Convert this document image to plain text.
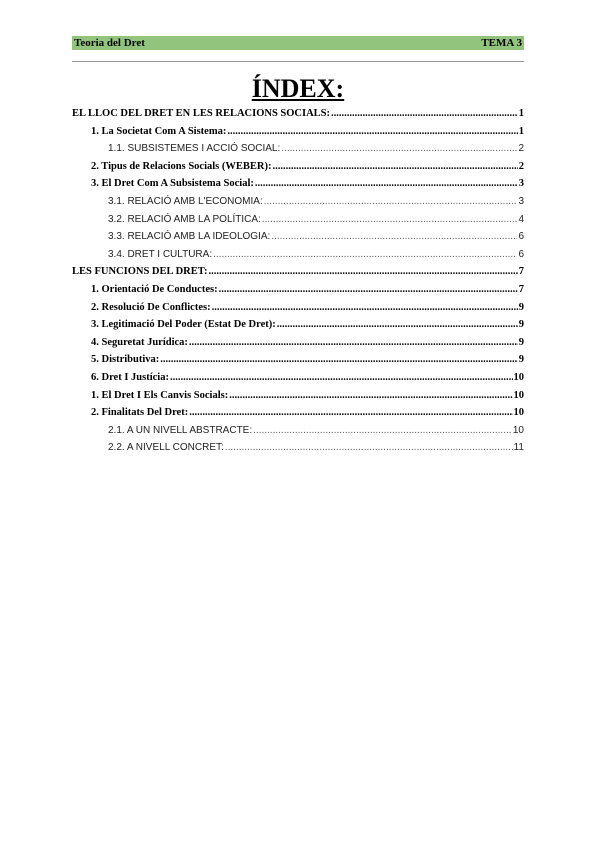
Teoria del Dret	TEMA 3
ÍNDEX:
EL LLOC DEL DRET EN LES RELACIONS SOCIALS: .....	1
1. La Societat Com A Sistema: .....	1
1.1. SUBSISTEMES I ACCIÓ SOCIAL: .....	2
2. Tipus de Relacions Socials (WEBER): .....	2
3. El Dret Com A Subsistema Social: .....	3
3.1. RELACIÓ AMB L'ECONOMIA: .....	3
3.2. RELACIÓ AMB LA POLÍTICA: .....	4
3.3. RELACIÓ AMB LA IDEOLOGIA: .....	6
3.4. DRET I CULTURA: .....	6
LES FUNCIONS DEL DRET: .....	7
1. Orientació De Conductes: .....	7
2. Resolució De Conflictes: .....	9
3. Legitimació Del Poder (Estat De Dret): .....	9
4. Seguretat Jurídica: .....	9
5. Distributiva: .....	9
6. Dret I Justícia: .....	10
1. El Dret I Els Canvis Socials: .....	10
2. Finalitats Del Dret: .....	10
2.1. A UN NIVELL ABSTRACTE: .....	10
2.2. A NIVELL CONCRET: .....	11
